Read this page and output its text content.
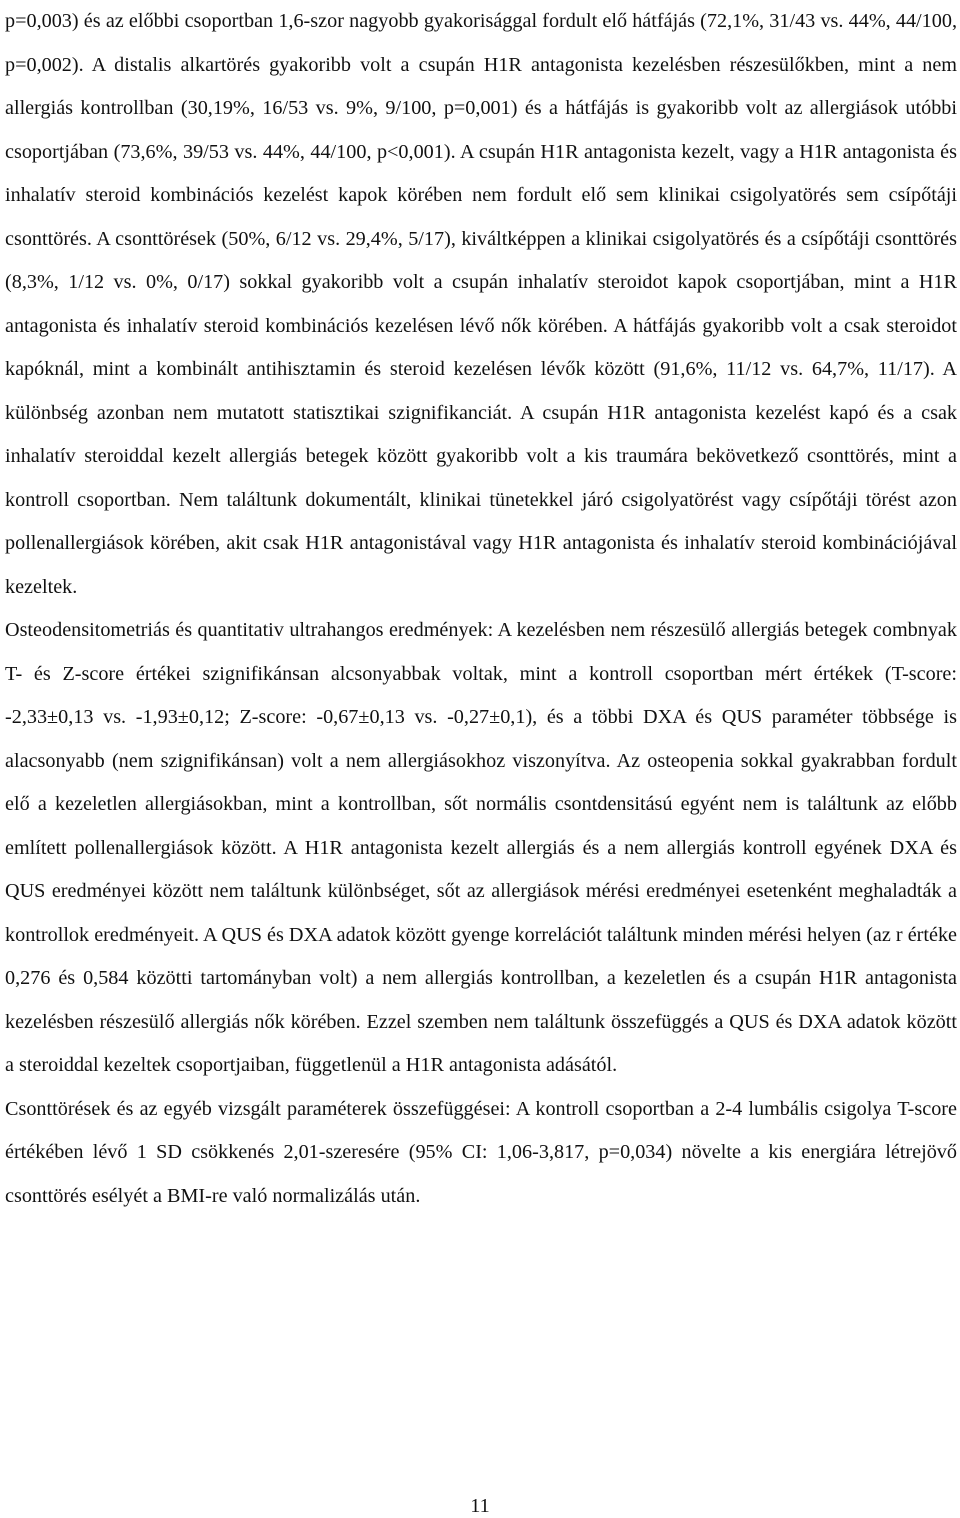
p=0,003) és az előbbi csoportban 1,6-szor nagyobb gyakorisággal fordult elő hátfájás (72,1%, 31/43 vs. 44%, 44/100, p=0,002). A distalis alkartörés gyakoribb volt a csupán H1R antagonista kezelésben részesülőkben, mint a nem allergiás kontrollban (30,19%, 16/53 vs. 9%, 9/100, p=0,001) és a hátfájás is gyakoribb volt az allergiások utóbbi csoportjában (73,6%, 39/53 vs. 44%, 44/100, p<0,001). A csupán H1R antagonista kezelt, vagy a H1R antagonista és inhalatív steroid kombinációs kezelést kapok körében nem fordult elő sem klinikai csigolyatörés sem csípőtáji csonttörés. A csonttörések (50%, 6/12 vs. 29,4%, 5/17), kiváltképpen a klinikai csigolyatörés és a csípőtáji csonttörés (8,3%, 1/12 vs. 0%, 0/17) sokkal gyakoribb volt a csupán inhalatív steroidot kapok csoportjában, mint a H1R antagonista és inhalatív steroid kombinációs kezelésen lévő nők körében. A hátfájás gyakoribb volt a csak steroidot kapóknál, mint a kombinált antihisztamin és steroid kezelésen lévők között (91,6%, 11/12 vs. 64,7%, 11/17). A különbség azonban nem mutatott statisztikai szignifikanciát. A csupán H1R antagonista kezelést kapó és a csak inhalatív steroiddal kezelt allergiás betegek között gyakoribb volt a kis traumára bekövetkező csonttörés, mint a kontroll csoportban. Nem találtunk dokumentált, klinikai tünetekkel járó csigolyatörést vagy csípőtáji törést azon pollenallergiások körében, akit csak H1R antagonistával vagy H1R antagonista és inhalatív steroid kombinációjával kezeltek.

Osteodensitometriás és quantitativ ultrahangos eredmények: A kezelésben nem részesülő allergiás betegek combnyak T- és Z-score értékei szignifikánsan alcsonyabbak voltak, mint a kontroll csoportban mért értékek (T-score: -2,33±0,13 vs. -1,93±0,12; Z-score: -0,67±0,13 vs. -0,27±0,1), és a többi DXA és QUS paraméter többsége is alacsonyabb (nem szignifikánsan) volt a nem allergiásokhoz viszonyítva. Az osteopenia sokkal gyakrabban fordult elő a kezeletlen allergiásokban, mint a kontrollban, sőt normális csontdensitású egyént nem is találtunk az előbb említett pollenallergiások között. A H1R antagonista kezelt allergiás és a nem allergiás kontroll egyének DXA és QUS eredményei között nem találtunk különbséget, sőt az allergiások mérési eredményei esetenként meghaladták a kontrollok eredményeit. A QUS és DXA adatok között gyenge korrelációt találtunk minden mérési helyen (az r értéke 0,276 és 0,584 közötti tartományban volt) a nem allergiás kontrollban, a kezeletlen és a csupán H1R antagonista kezelésben részesülő allergiás nők körében. Ezzel szemben nem találtunk összefüggés a QUS és DXA adatok között a steroiddal kezeltek csoportjaiban, függetlenül a H1R antagonista adásától.

Csonttörések és az egyéb vizsgált paraméterek összefüggései: A kontroll csoportban a 2-4 lumbális csigolya T-score értékében lévő 1 SD csökkenés 2,01-szeresére (95% CI: 1,06-3,817, p=0,034) növelte a kis energiára létrejövő csonttörés esélyét a BMI-re való normalizálás után.

11
